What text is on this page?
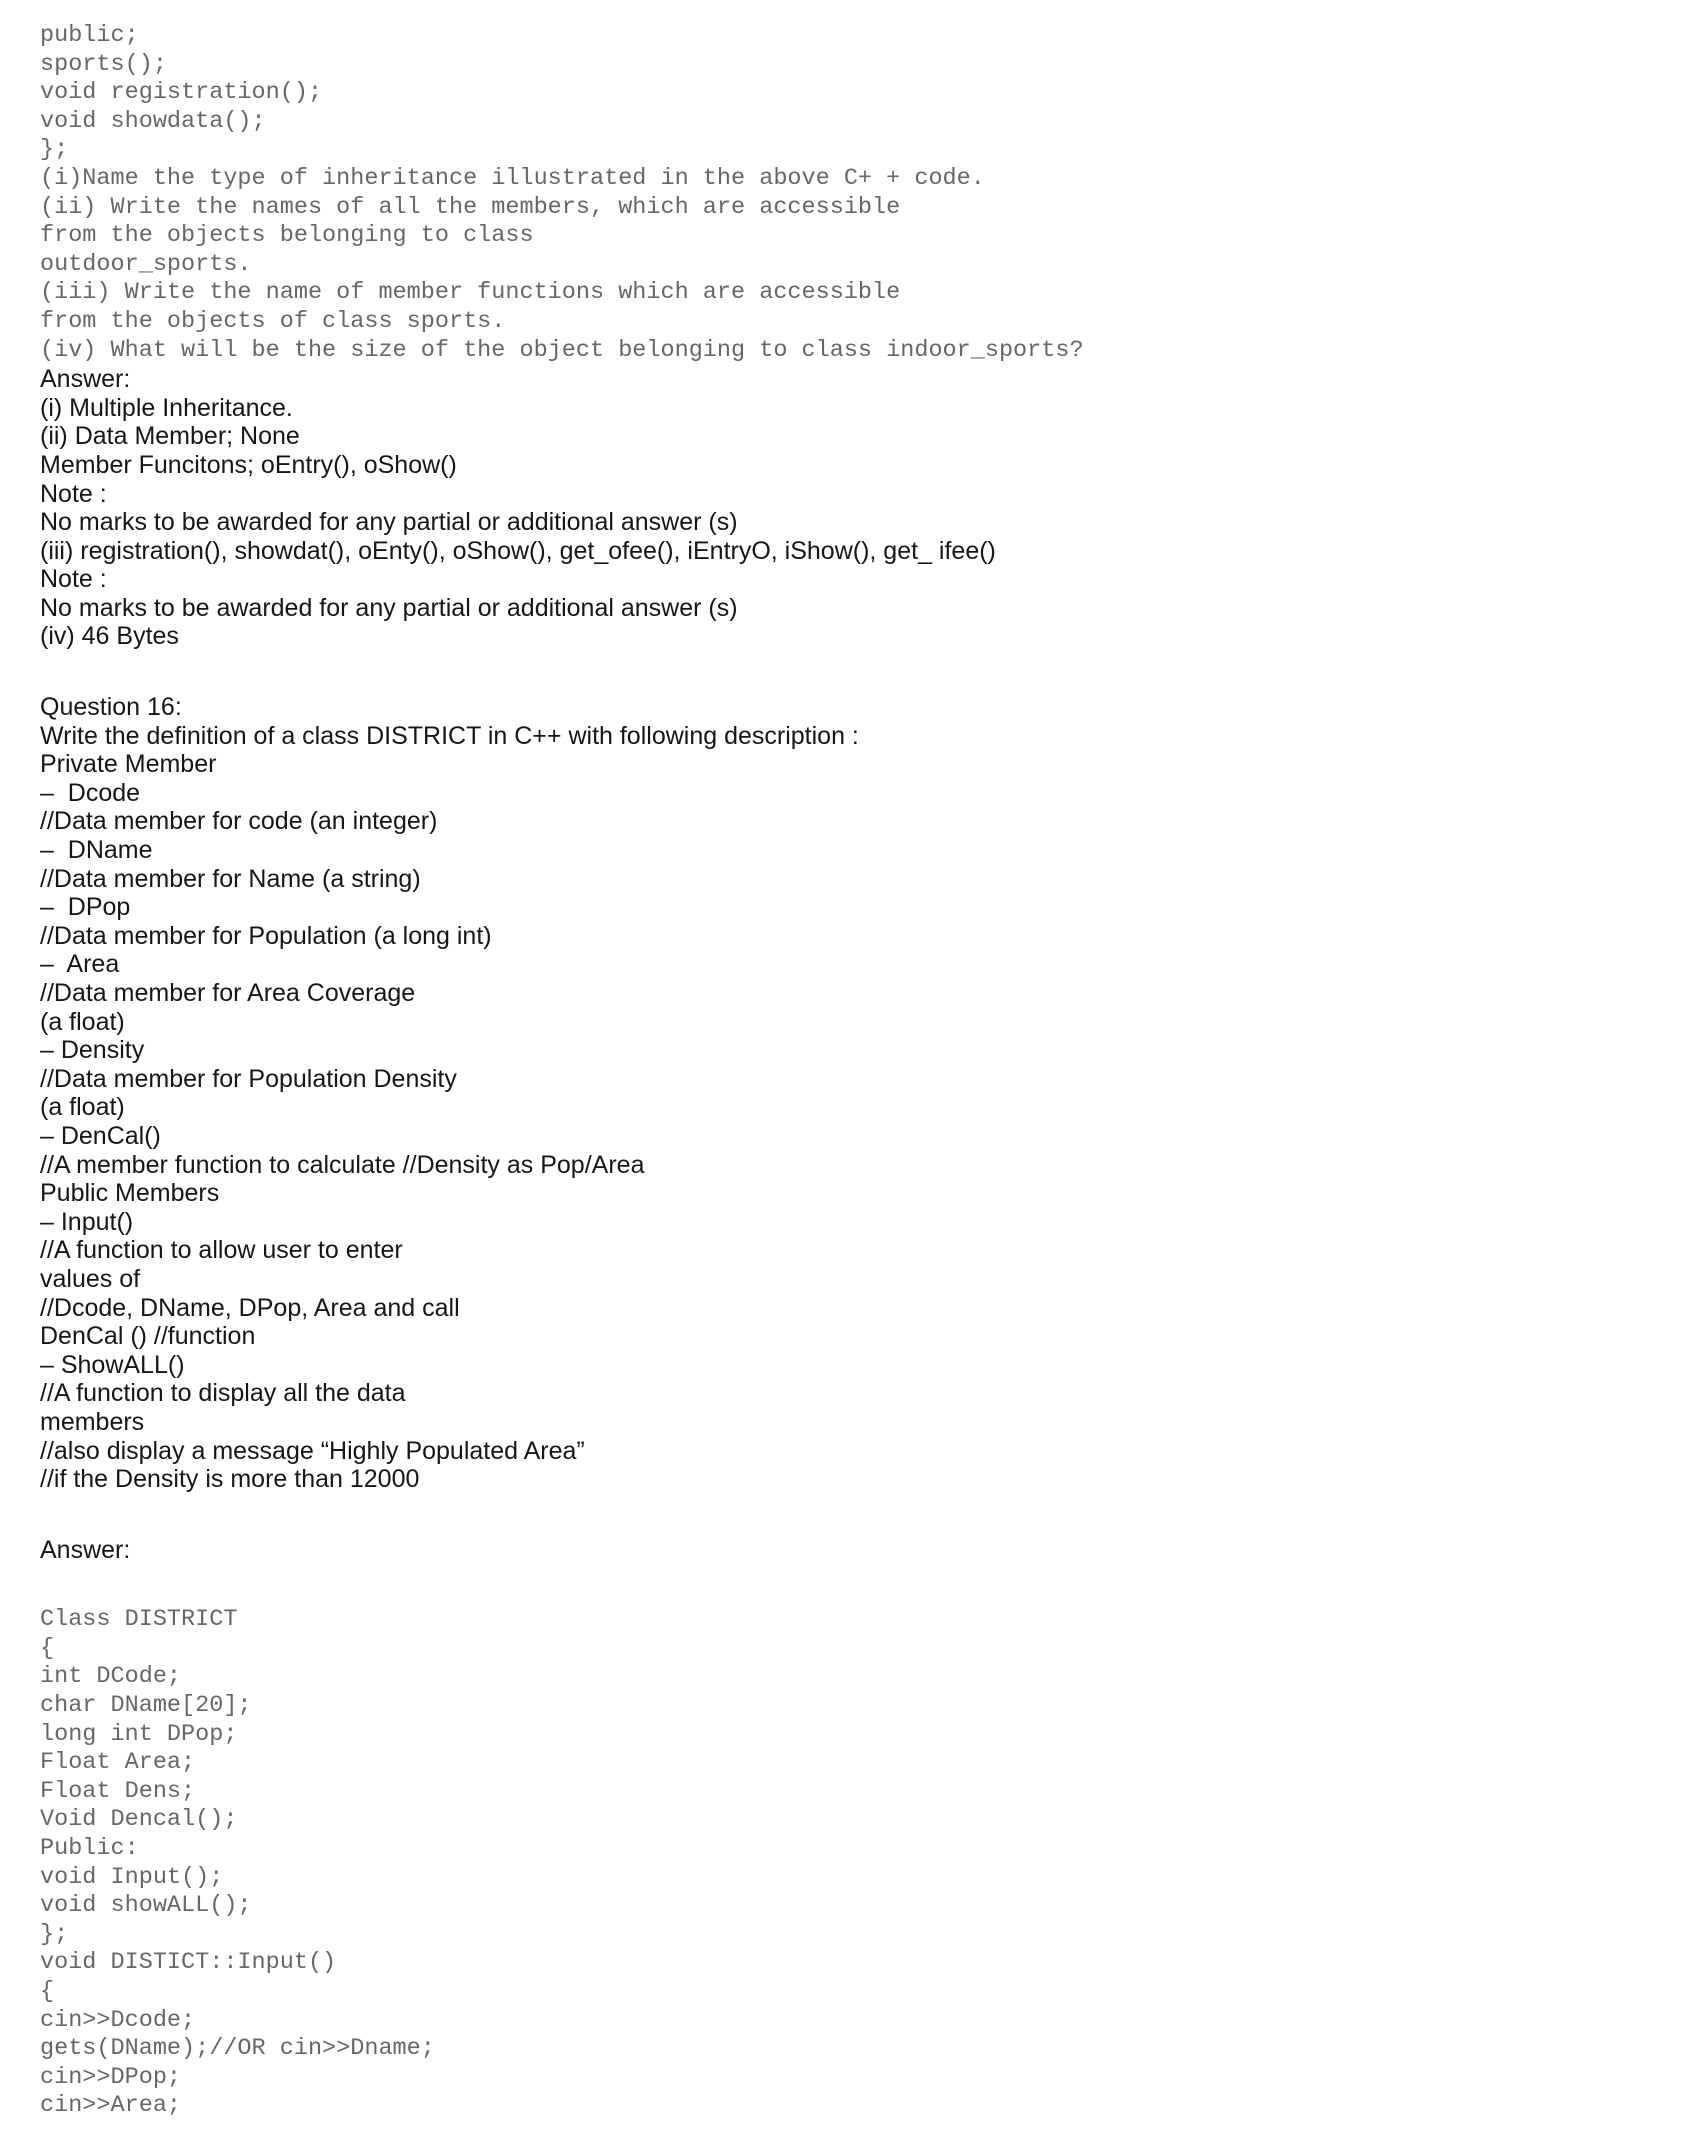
public;
sports();
void registration();
void showdata();
};
(i)Name the type of inheritance illustrated in the above C+ + code.
(ii) Write the names of all the members, which are accessible
from the objects belonging to class
outdoor_sports.
(iii) Write the name of member functions which are accessible
from the objects of class sports.
(iv) What will be the size of the object belonging to class indoor_sports?
Answer:
(i) Multiple Inheritance.
(ii) Data Member; None
Member Funcitons; oEntry(), oShow()
Note :
No marks to be awarded for any partial or additional answer (s)
(iii) registration(), showdat(), oEnty(), oShow(), get_ofee(), iEntryO, iShow(), get_ ifee()
Note :
No marks to be awarded for any partial or additional answer (s)
(iv) 46 Bytes
Question 16:
Write the definition of a class DISTRICT in C++ with following description :
Private Member
–  Dcode
//Data member for code (an integer)
–  DName
//Data member for Name (a string)
–  DPop
//Data member for Population (a long int)
–  Area
//Data member for Area Coverage
(a float)
– Density
//Data member for Population Density
(a float)
– DenCal()
//A member function to calculate //Density as Pop/Area
Public Members
– Input()
//A function to allow user to enter
values of
//Dcode, DName, DPop, Area and call
DenCal () //function
– ShowALL()
//A function to display all the data
members
//also display a message “Highly Populated Area”
//if the Density is more than 12000
Answer:
Class DISTRICT
{
int DCode;
char DName[20];
long int DPop;
Float Area;
Float Dens;
Void Dencal();
Public:
void Input();
void showALL();
};
void DISTICT::Input()
{
cin>>Dcode;
gets(DName);//OR cin>>Dname;
cin>>DPop;
cin>>Area;
